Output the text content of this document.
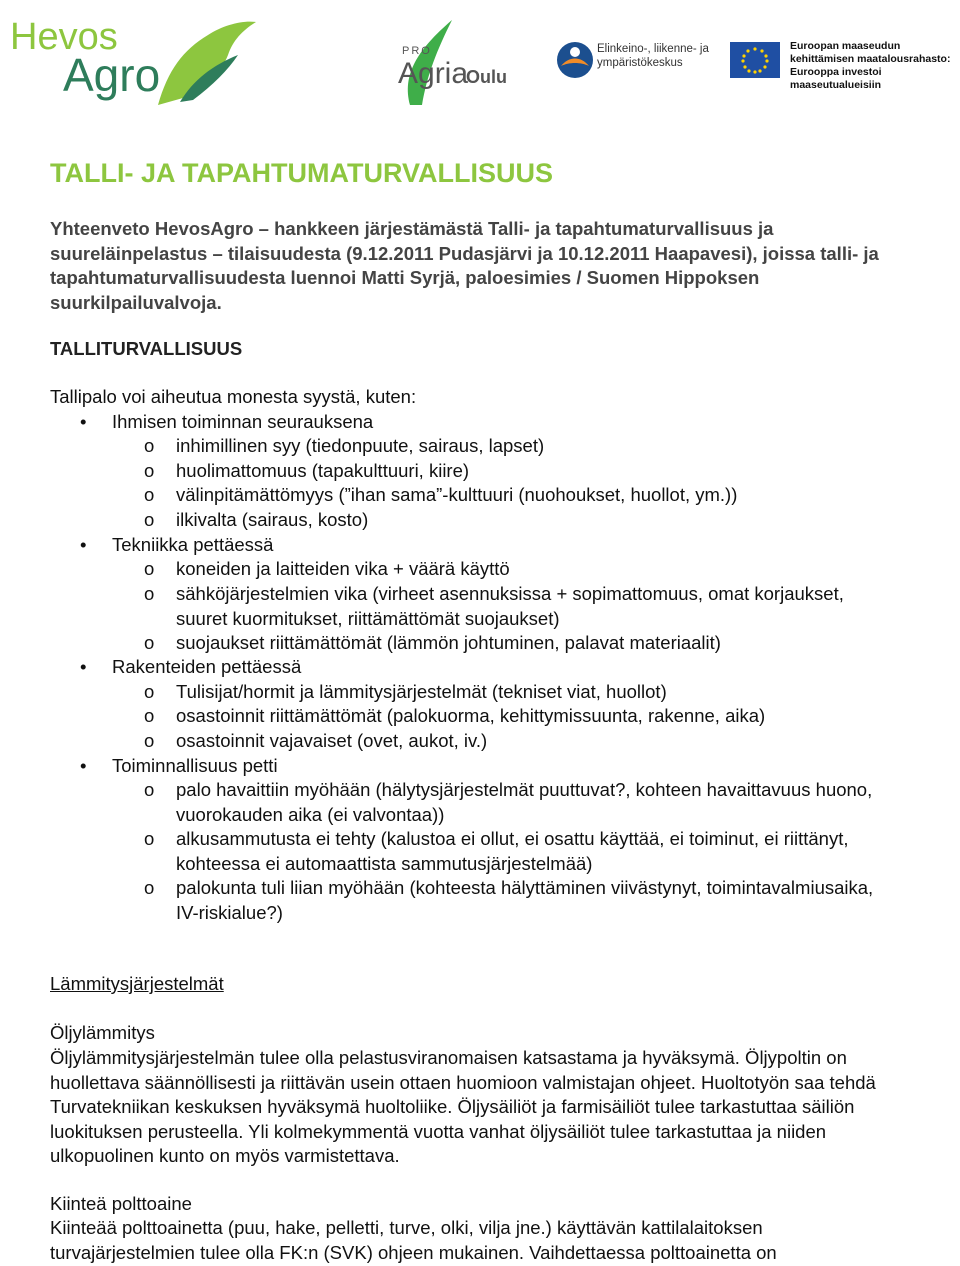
Hevos
Agro	PRO
Agria
Oulu
Elinkeino-, liikenne- ja
ympäristökeskus
Euroopan maaseudun
kehittämisen maatalousrahasto:
Eurooppa investoi maaseutualueisiin
TALLI- JA TAPAHTUMATURVALLISUUS
Yhteenveto HevosAgro – hankkeen järjestämästä Talli- ja tapahtumaturvallisuus ja suureläinpelastus – tilaisuudesta (9.12.2011 Pudasjärvi ja 10.12.2011 Haapavesi), joissa talli- ja tapahtumaturvallisuudesta luennoi Matti Syrjä, paloesimies / Suomen Hippoksen suurkilpailuvalvoja.
TALLITURVALLISUUS
Tallipalo voi aiheutua monesta syystä, kuten:
• Ihmisen toiminnan seurauksena
o inhimillinen syy (tiedonpuute, sairaus, lapset)
o huolimattomuus (tapakulttuuri, kiire)
o välinpitämättömyys (”ihan sama”-kulttuuri (nuohoukset, huollot, ym.))
o ilkivalta (sairaus, kosto)
• Tekniikka pettäessä
o koneiden ja laitteiden vika + väärä käyttö
o sähköjärjestelmien vika (virheet asennuksissa + sopimattomuus, omat korjaukset, suuret kuormitukset, riittämättömät suojaukset)
o suojaukset riittämättömät (lämmön johtuminen, palavat materiaalit)
• Rakenteiden pettäessä
o Tulisijat/hormit ja lämmitysjärjestelmät (tekniset viat, huollot)
o osastoinnit riittämättömät (palokuorma, kehittymissuunta, rakenne, aika)
o osastoinnit vajavaiset (ovet, aukot, iv.)
• Toiminnallisuus petti
o palo havaittiin myöhään (hälytysjärjestelmät puuttuvat?, kohteen havaittavuus huono, vuorokauden aika (ei valvontaa))
o alkusammutusta ei tehty (kalustoa ei ollut, ei osattu käyttää, ei toiminut, ei riittänyt, kohteessa ei automaattista sammutusjärjestelmää)
o palokunta tuli liian myöhään (kohteesta hälyttäminen viivästynyt, toimintavalmiusaika, IV-riskialue?)
Lämmitysjärjestelmät
Öljylämmitys
Öljylämmitysjärjestelmän tulee olla pelastusviranomaisen katsastama ja hyväksymä. Öljypoltin on huollettava säännöllisesti ja riittävän usein ottaen huomioon valmistajan ohjeet. Huoltotyön saa tehdä Turvatekniikan keskuksen hyväksymä huoltoliike. Öljysäiliöt ja farmisäiliöt tulee tarkastuttaa säiliön luokituksen perusteella. Yli kolmekymmentä vuotta vanhat öljysäiliöt tulee tarkastuttaa ja niiden ulkopuolinen kunto on myös varmistettava.
Kiinteä polttoaine
Kiinteää polttoainetta (puu, hake, pelletti, turve, olki, vilja jne.) käyttävän kattilalaitoksen turvajärjestelmien tulee olla FK:n (SVK) ohjeen mukainen. Vaihdettaessa polttoainetta on
